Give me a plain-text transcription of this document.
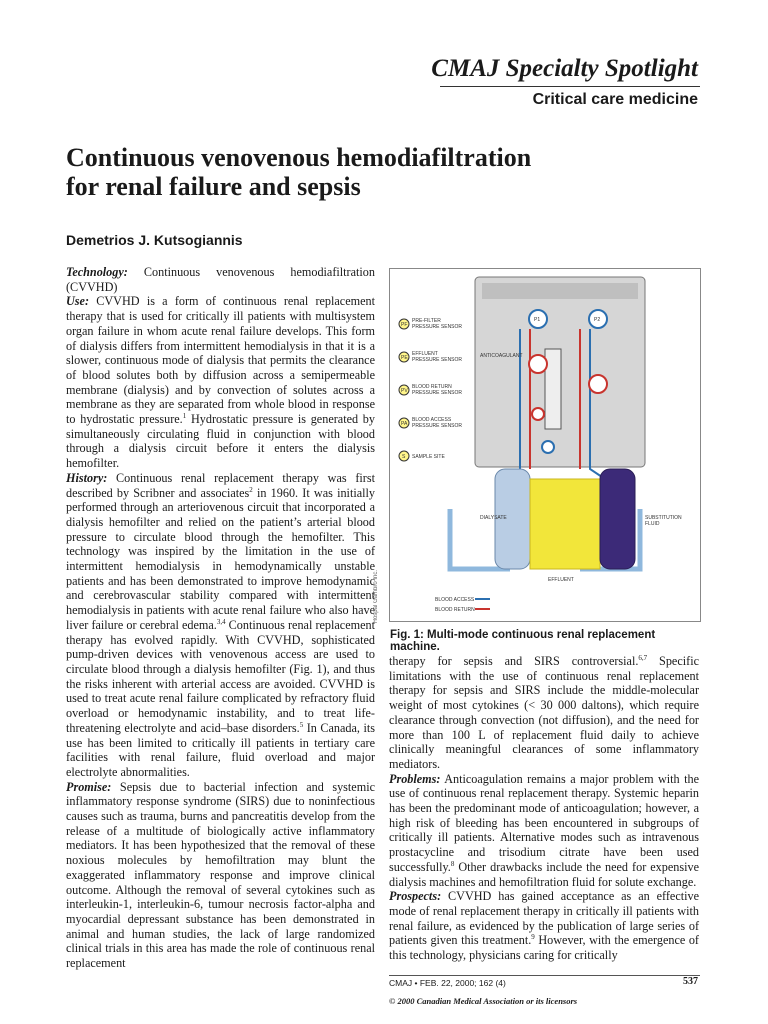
CMAJ Specialty Spotlight
Critical care medicine
Continuous venovenous hemodiafiltration
for renal failure and sepsis
Demetrios J. Kutsogiannis

Technology: Continuous venovenous hemodiafiltration (CVVHD)

Use: CVVHD is a form of continuous renal replacement therapy that is used for critically ill patients with multisystem organ failure in whom acute renal failure develops. This form of dialysis differs from intermittent hemodialysis in that it is a slower, continuous mode of dialysis that permits the clearance of blood solutes both by diffusion across a semipermeable membrane (dialysis) and by convection of solutes across a membrane as they are separated from whole blood in response to hydrostatic pressure.$^1$ Hydrostatic pressure is generated by simultaneously circulating fluid in conjunction with blood through a dialysis circuit before it enters the dialysis hemofilter.

History: Continuous renal replacement therapy was first described by Scribner and associates$^2$ in 1960. It was initially performed through an arteriovenous circuit that incorporated a dialysis hemofilter and relied on the patient’s arterial blood pressure to circulate blood through the hemofilter. This technology was inspired by the limitation in the use of intermittent hemodialysis in hemodynamically unstable patients and has been demonstrated to improve hemodynamic and cerebrovascular stability compared with intermittent hemodialysis in patients with acute renal failure who also have liver failure or cerebral edema.$^{3,4}$ Continuous renal replacement therapy has evolved rapidly. With CVVHD, sophisticated pump-driven devices with venovenous access are used to circulate blood through a dialysis hemofilter (Fig. 1), and thus the risks inherent with arterial access are avoided. CVVHD is used to treat acute renal failure complicated by refractory fluid overload or hemodynamic instability, and to treat life-threatening electrolyte and acid–base disorders.$^5$ In Canada, its use has been limited to critically ill patients in tertiary care facilities with renal failure, fluid overload and major electrolyte abnormalities.

Promise: Sepsis due to bacterial infection and systemic inflammatory response syndrome (SIRS) due to noninfectious causes such as trauma, burns and pancreatitis develop from the release of a multitude of biologically active inflammatory mediators. It has been hypothesized that the removal of these noxious molecules by hemofiltration may blunt the exaggerated inflammatory response and improve clinical outcome. Although the removal of several cytokines such as interleukin-1, interleukin-6, tumour necrosis factor-alpha and myocardial depressant substance has been demonstrated in animal and human studies, the lack of large randomized clinical trials in this area has made the role of continuous renal replacement

PF
PRE-FILTER
PRESSURE SENSOR
PE
EFFLUENT
PRESSURE SENSOR
PV
BLOOD RETURN
PRESSURE SENSOR
PA
BLOOD ACCESS
PRESSURE SENSOR
S SAMPLE SITE
ANTICOAGULANT
DIALYSATE	SUBSTITUTION
FLUID
EFFLUENT
BLOOD ACCESS
BLOOD RETURN
P1	P2
Hospal Gambro Inc.
Fig. 1: Multi-mode continuous renal replacement machine.

therapy for sepsis and SIRS controversial.$^{6,7}$ Specific limitations with the use of continuous renal replacement therapy for sepsis and SIRS include the middle-molecular weight of most cytokines (< 30 000 daltons), which require clearance through convection (not diffusion), and the need for more than 100 L of replacement fluid daily to achieve clinically meaningful clearances of some inflammatory mediators.

Problems: Anticoagulation remains a major problem with the use of continuous renal replacement therapy. Systemic heparin has been the predominant mode of anticoagulation; however, a high risk of bleeding has been encountered in subgroups of critically ill patients. Alternative modes such as intravenous prostacycline and trisodium citrate have been used successfully.$^8$ Other drawbacks include the need for expensive dialysis machines and hemofiltration fluid for solute exchange.

Prospects: CVVHD has gained acceptance as an effective mode of renal replacement therapy in critically ill patients with renal failure, as evidenced by the publication of large series of patients given this treatment.$^9$ However, with the emergence of this technology, physicians caring for critically

CMAJ • FEB. 22, 2000; 162 (4)	537
© 2000 Canadian Medical Association or its licensors
